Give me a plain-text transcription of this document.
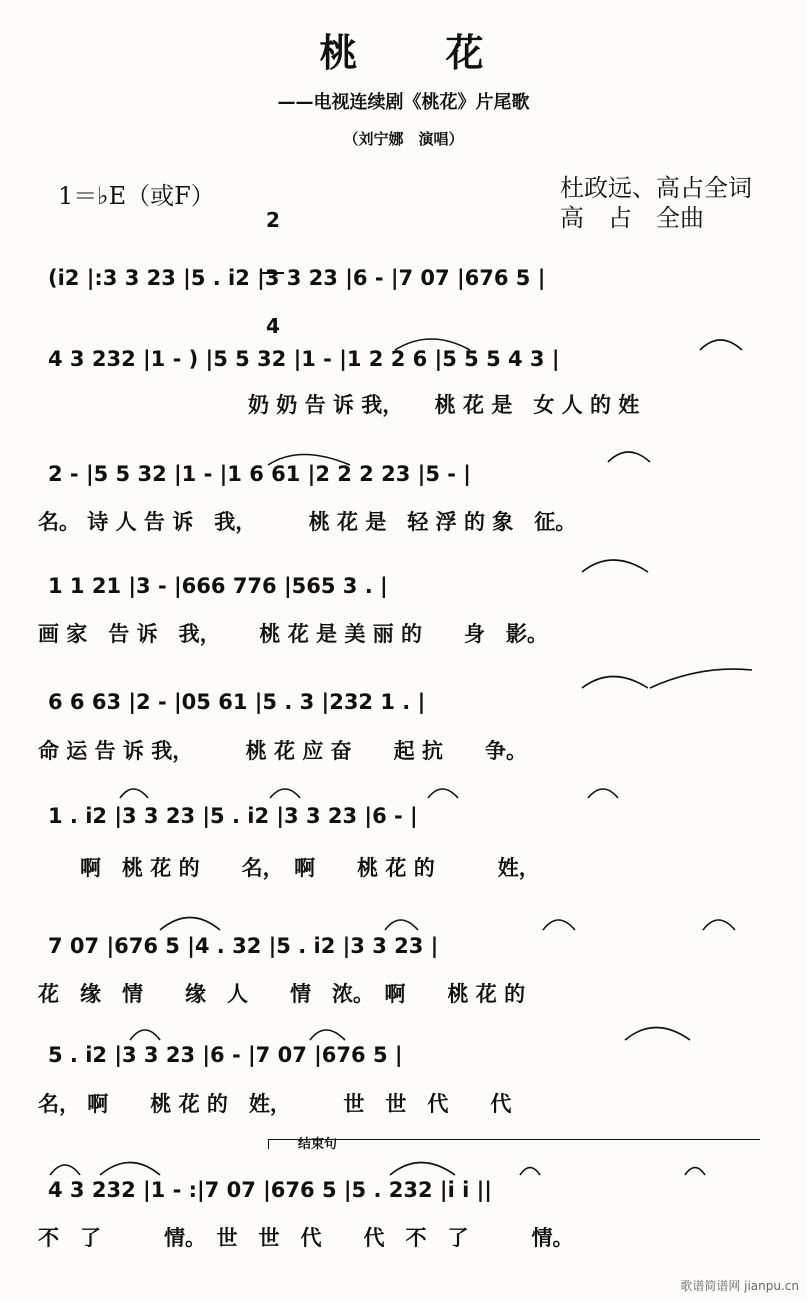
桃　　花
——电视连续剧《桃花》片尾歌
（刘宁娜　演唱）
1＝♭E（或F）

2

4

杜政远、高占全词
高　占　全曲
(i2 |:3 3 23 |5 . i2 |3 3 23 |6 - |7 07 |676 5 |
4 3 232 |1 - ) |5 5 32 |1 - |1 2 2 6 |5 5 5 4 3 |
　　　　　　　　　　奶 奶 告 诉 我，　　桃 花 是　女 人 的 姓
2 - |5 5 32 |1 - |1 6 61 |2 2 2 23 |5 - |
名。 诗 人 告 诉　我，　　　桃 花 是　轻 浮 的 象　征。
1 1 21 |3 - |666 776 |565 3 . |
画 家　告 诉　我，　　 桃 花 是 美 丽 的　　身　影。
6 6 63 |2 - |05 61 |5 . 3 |232 1 . |
命 运 告 诉 我，　　　桃 花 应 奋　　起 抗　　争。
1 . i2 |3 3 23 |5 . i2 |3 3 23 |6 - |
　　啊　桃 花 的　　名，　啊　　桃 花 的　　　姓，
7 07 |676 5 |4 . 32 |5 . i2 |3 3 23 |
花　缘　情　　缘　人　　情　浓。　啊　　桃 花 的
5 . i2 |3 3 23 |6 - |7 07 |676 5 |
名， 啊　　桃 花 的　姓，　　　世　世　代　　代
结束句
4 3 232 |1 - :|7 07 |676 5 |5 . 232 |i i ||
不　了　　　情。　世　世　代　　代　不　了　　　情。
歌谱简谱网 jianpu.cn
